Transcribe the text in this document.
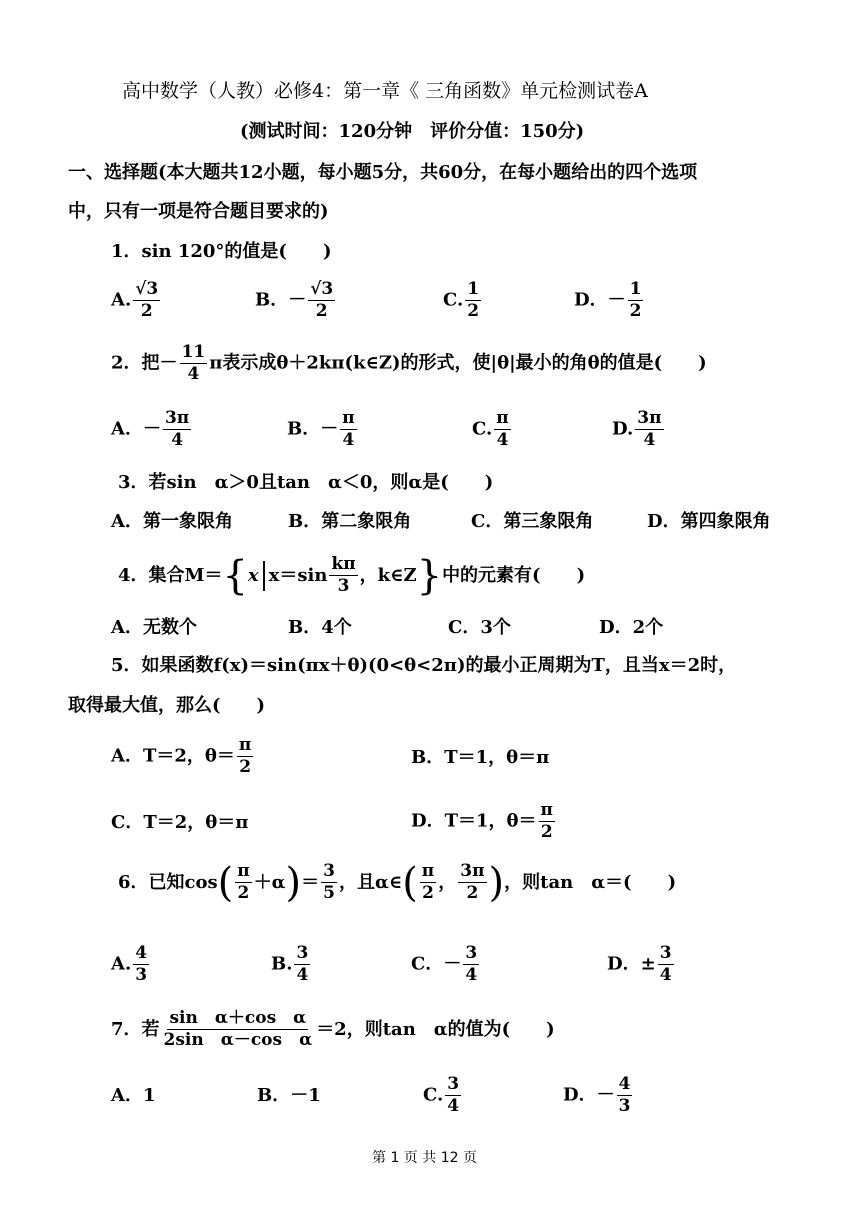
高中数学（人教）必修4：第一章《 三角函数》单元检测试卷A
(测试时间：120分钟　评价分值：150分)
一、选择题(本大题共12小题，每小题5分，共60分，在每小题给出的四个选项
中，只有一项是符合题目要求的)
1．sin 120°的值是(　　)
A. $\frac{√3}{2}$	B．－ $\frac{√3}{2}$	C. $\frac{1}{2}$	D．－ $\frac{1}{2}$
2．把－ $\frac{11}{4}$ π表示成θ＋2kπ(k∈Z)的形式，使|θ|最小的角θ的值是(　　)
A．－ $\frac{3\pi}{4}$	B．－ $\frac{\pi}{4}$	C. $\frac{\pi}{4}$	D. $\frac{3\pi}{4}$
3．若sin　α＞0且tan　α＜0，则α是(　　)
A．第一象限角	B．第二象限角	C．第三象限角	D．第四象限角
4．集合M＝ { x $x=\sin \frac{k\pi}{3}$ ，k∈Z } 中的元素有(　　)
A．无数个	B．4个	C．3个	D．2个
5．如果函数f(x)＝sin(πx＋θ)(0<θ<2π)的最小正周期为T，且当x＝2时，
取得最大值，那么(　　)
A．T＝2，$\theta= \frac{\pi}{2}$	B．T＝1，θ＝π
C．T＝2，θ＝π	D．T＝1，$\theta= \frac{\pi}{2}$
6．已知cos ( $\frac{\pi}{2} +\alpha$ ) ＝ $\frac{3}{5}$ ，且α∈ ( $\frac{\pi}{2}$ ， $\frac{3\pi}{2}$ ) ，则tan　α＝(　　)
A. $\frac{4}{3}$	B. $\frac{3}{4}$	C．－ $\frac{3}{4}$	D．± $\frac{3}{4}$
7．若 $\frac{\text{sin　α＋cos　α}}{\text{2sin　α－cos　α}} =2$，则tan　α的值为(　　)
A．1	B．－1	C. $\frac{3}{4}$	D．－ $\frac{4}{3}$
第 1 页 共 12 页
